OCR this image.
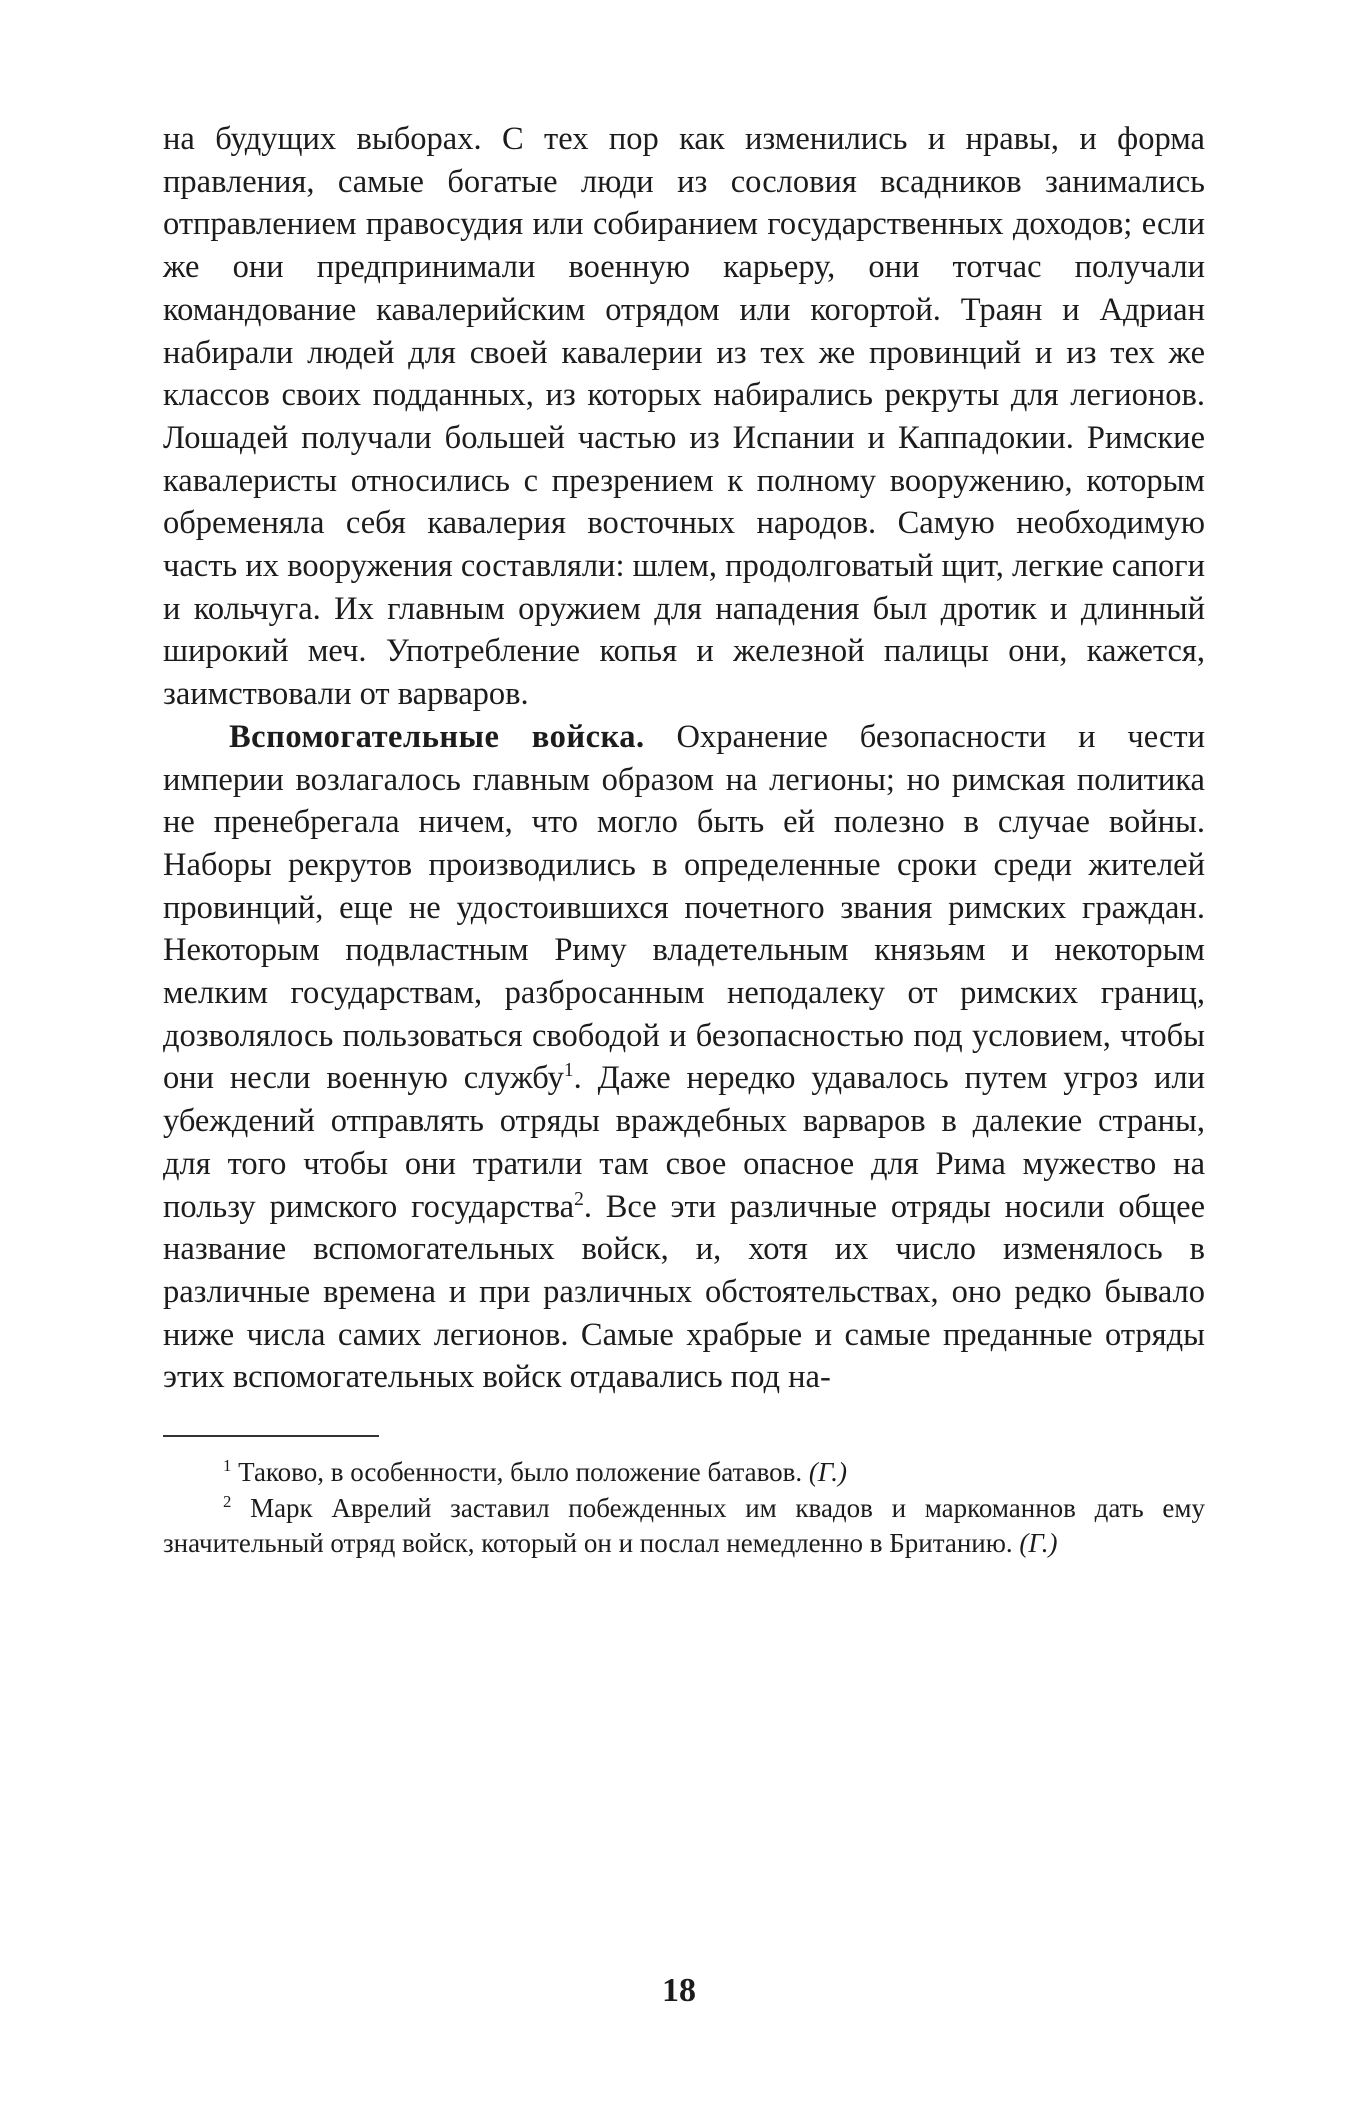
на будущих выборах. С тех пор как изменились и нравы, и форма правления, самые богатые люди из сословия всадников занимались отправлением правосудия или собиранием государственных доходов; если же они предпринимали военную карьеру, они тотчас получали командование кавалерийским отрядом или когортой. Траян и Адриан набирали людей для своей кавалерии из тех же провинций и из тех же классов своих подданных, из которых набирались рекруты для легионов. Лошадей получали большей частью из Испании и Каппадокии. Римские кавалеристы относились с презрением к полному вооружению, которым обременяла себя кавалерия восточных народов. Самую необходимую часть их вооружения составляли: шлем, продолговатый щит, легкие сапоги и кольчуга. Их главным оружием для нападения был дротик и длинный широкий меч. Употребление копья и железной палицы они, кажется, заимствовали от варваров.

Вспомогательные войска. Охранение безопасности и чести империи возлагалось главным образом на легионы; но римская политика не пренебрегала ничем, что могло быть ей полезно в случае войны. Наборы рекрутов производились в определенные сроки среди жителей провинций, еще не удостоившихся почетного звания римских граждан. Некоторым подвластным Риму владетельным князьям и некоторым мелким государствам, разбросанным неподалеку от римских границ, дозволялось пользоваться свободой и безопасностью под условием, чтобы они несли военную службу$^1$. Даже нередко удавалось путем угроз или убеждений отправлять отряды враждебных варваров в далекие страны, для того чтобы они тратили там свое опасное для Рима мужество на пользу римского государства$^2$. Все эти различные отряды носили общее название вспомогательных войск, и, хотя их число изменялось в различные времена и при различных обстоятельствах, оно редко бывало ниже числа самих легионов. Самые храбрые и самые преданные отряды этих вспомогательных войск отдавались под на-

$^1$ Таково, в особенности, было положение батавов. (Г.)

$^2$ Марк Аврелий заставил побежденных им квадов и маркоманнов дать ему значительный отряд войск, который он и послал немедленно в Британию. (Г.)

18
